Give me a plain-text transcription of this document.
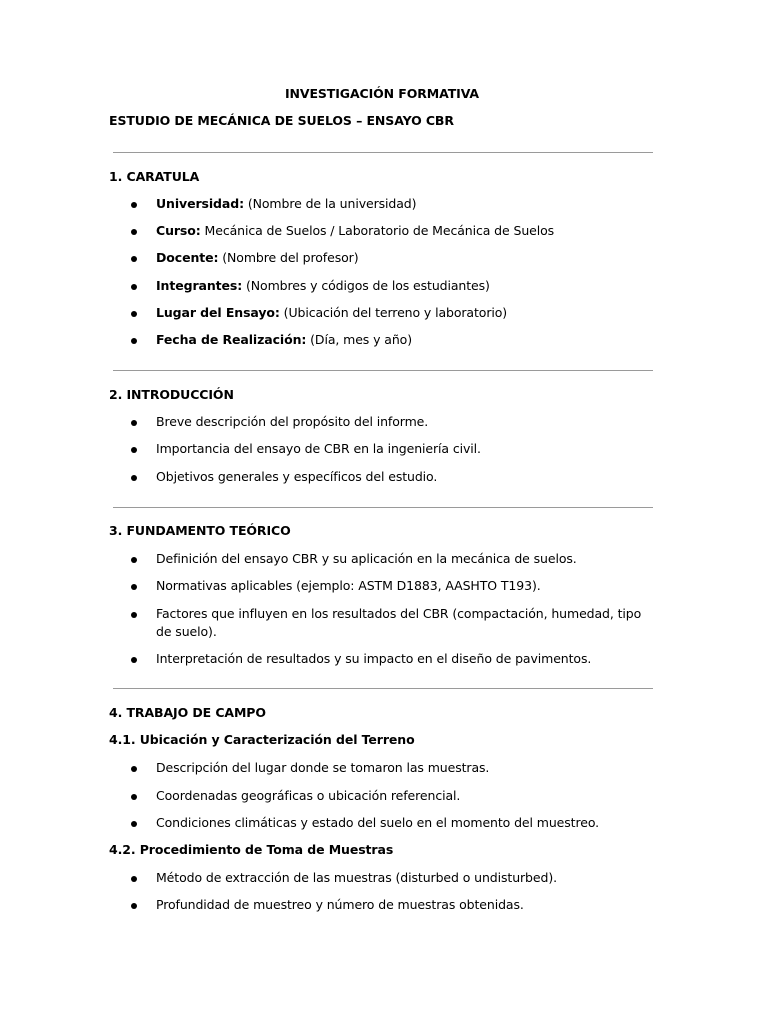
INVESTIGACIÓN FORMATIVA
ESTUDIO DE MECÁNICA DE SUELOS – ENSAYO CBR
1. CARATULA
Universidad: (Nombre de la universidad)
Curso: Mecánica de Suelos / Laboratorio de Mecánica de Suelos
Docente: (Nombre del profesor)
Integrantes: (Nombres y códigos de los estudiantes)
Lugar del Ensayo: (Ubicación del terreno y laboratorio)
Fecha de Realización: (Día, mes y año)
2. INTRODUCCIÓN
Breve descripción del propósito del informe.
Importancia del ensayo de CBR en la ingeniería civil.
Objetivos generales y específicos del estudio.
3. FUNDAMENTO TEÓRICO
Definición del ensayo CBR y su aplicación en la mecánica de suelos.
Normativas aplicables (ejemplo: ASTM D1883, AASHTO T193).
Factores que influyen en los resultados del CBR (compactación, humedad, tipo de suelo).
Interpretación de resultados y su impacto en el diseño de pavimentos.
4. TRABAJO DE CAMPO
4.1. Ubicación y Caracterización del Terreno
Descripción del lugar donde se tomaron las muestras.
Coordenadas geográficas o ubicación referencial.
Condiciones climáticas y estado del suelo en el momento del muestreo.
4.2. Procedimiento de Toma de Muestras
Método de extracción de las muestras (disturbed o undisturbed).
Profundidad de muestreo y número de muestras obtenidas.
